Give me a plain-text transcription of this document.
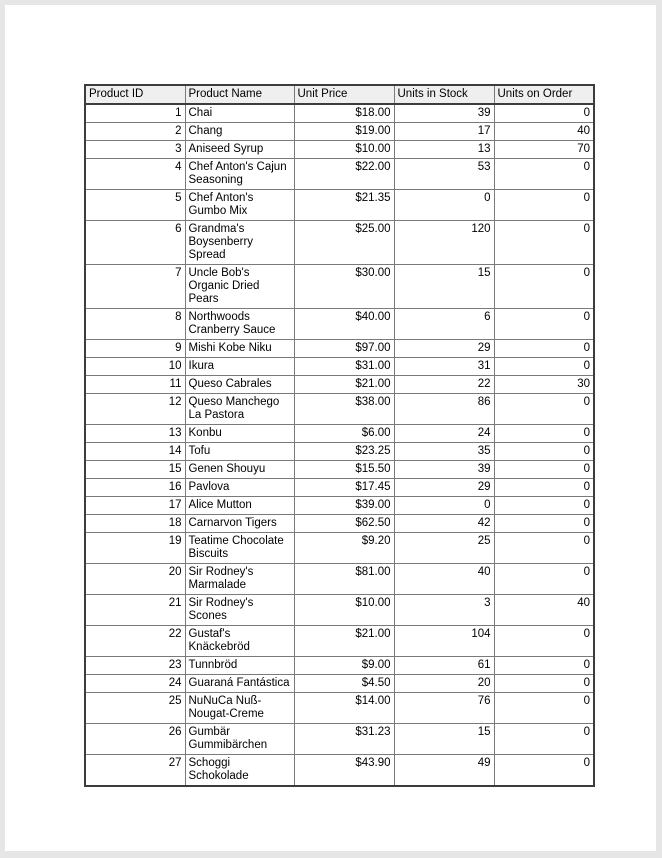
Product ID	Product Name	Unit Price	Units in Stock	Units on Order
1	Chai	$18.00	39	0
2	Chang	$19.00	17	40
3	Aniseed Syrup	$10.00	13	70
4	Chef Anton's Cajun Seasoning	$22.00	53	0
5	Chef Anton's Gumbo Mix	$21.35	0	0
6	Grandma's Boysenberry Spread	$25.00	120	0
7	Uncle Bob's Organic Dried Pears	$30.00	15	0
8	Northwoods Cranberry Sauce	$40.00	6	0
9	Mishi Kobe Niku	$97.00	29	0
10	Ikura	$31.00	31	0
11	Queso Cabrales	$21.00	22	30
12	Queso Manchego La Pastora	$38.00	86	0
13	Konbu	$6.00	24	0
14	Tofu	$23.25	35	0
15	Genen Shouyu	$15.50	39	0
16	Pavlova	$17.45	29	0
17	Alice Mutton	$39.00	0	0
18	Carnarvon Tigers	$62.50	42	0
19	Teatime Chocolate Biscuits	$9.20	25	0
20	Sir Rodney's Marmalade	$81.00	40	0
21	Sir Rodney's Scones	$10.00	3	40
22	Gustaf's Knäckebröd	$21.00	104	0
23	Tunnbröd	$9.00	61	0
24	Guaraná Fantástica	$4.50	20	0
25	NuNuCa Nuß-Nougat-Creme	$14.00	76	0
26	Gumbär Gummibärchen	$31.23	15	0
27	Schoggi Schokolade	$43.90	49	0
